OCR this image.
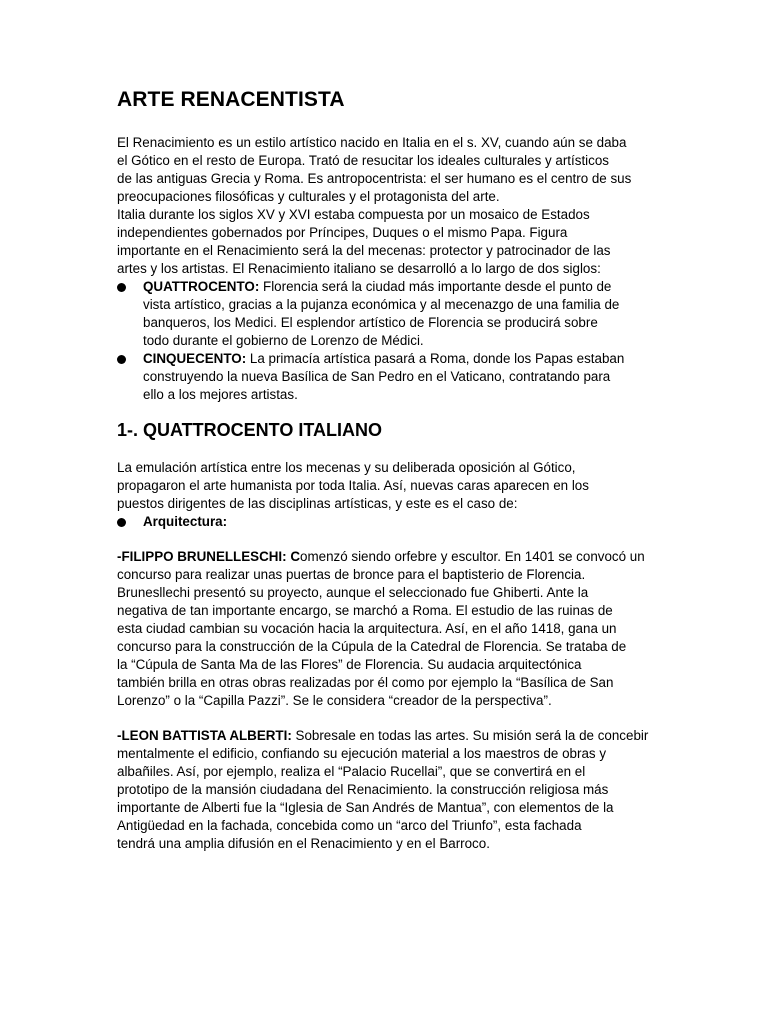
ARTE RENACENTISTA
El Renacimiento es un estilo artístico nacido en Italia en el s. XV, cuando aún se daba
el Gótico en el resto de Europa. Trató de resucitar los ideales culturales y artísticos
de las antiguas Grecia y Roma. Es antropocentrista: el ser humano es el centro de sus
preocupaciones filosóficas y culturales y el protagonista del arte.
Italia durante los siglos XV y XVI estaba compuesta por un mosaico de Estados
independientes gobernados por Príncipes, Duques o el mismo Papa. Figura
importante en el Renacimiento será la del mecenas: protector y patrocinador de las
artes y los artistas. El Renacimiento italiano se desarrolló a lo largo de dos siglos:
QUATTROCENTO: Florencia será la ciudad más importante desde el punto de
vista artístico, gracias a la pujanza económica y al mecenazgo de una familia de
banqueros, los Medici. El esplendor artístico de Florencia se producirá sobre
todo durante el gobierno de Lorenzo de Médici.
CINQUECENTO: La primacía artística pasará a Roma, donde los Papas estaban
construyendo la nueva Basílica de San Pedro en el Vaticano, contratando para
ello a los mejores artistas.
1-. QUATTROCENTO ITALIANO
La emulación artística entre los mecenas y su deliberada oposición al Gótico,
propagaron el arte humanista por toda Italia. Así, nuevas caras aparecen en los
puestos dirigentes de las disciplinas artísticas, y este es el caso de:
Arquitectura:
-FILIPPO BRUNELLESCHI: Comenzó siendo orfebre y escultor. En 1401 se convocó un
concurso para realizar unas puertas de bronce para el baptisterio de Florencia.
Brunesllechi presentó su proyecto, aunque el seleccionado fue Ghiberti. Ante la
negativa de tan importante encargo, se marchó a Roma. El estudio de las ruinas de
esta ciudad cambian su vocación hacia la arquitectura. Así, en el año 1418, gana un
concurso para la construcción de la Cúpula de la Catedral de Florencia. Se trataba de
la “Cúpula de Santa Ma de las Flores” de Florencia. Su audacia arquitectónica
también brilla en otras obras realizadas por él como por ejemplo la “Basílica de San
Lorenzo” o la “Capilla Pazzi”. Se le considera “creador de la perspectiva”.
-LEON BATTISTA ALBERTI: Sobresale en todas las artes. Su misión será la de concebir
mentalmente el edificio, confiando su ejecución material a los maestros de obras y
albañiles. Así, por ejemplo, realiza el “Palacio Rucellai”, que se convertirá en el
prototipo de la mansión ciudadana del Renacimiento. la construcción religiosa más
importante de Alberti fue la “Iglesia de San Andrés de Mantua”, con elementos de la
Antigüedad en la fachada, concebida como un “arco del Triunfo”, esta fachada
tendrá una amplia difusión en el Renacimiento y en el Barroco.
